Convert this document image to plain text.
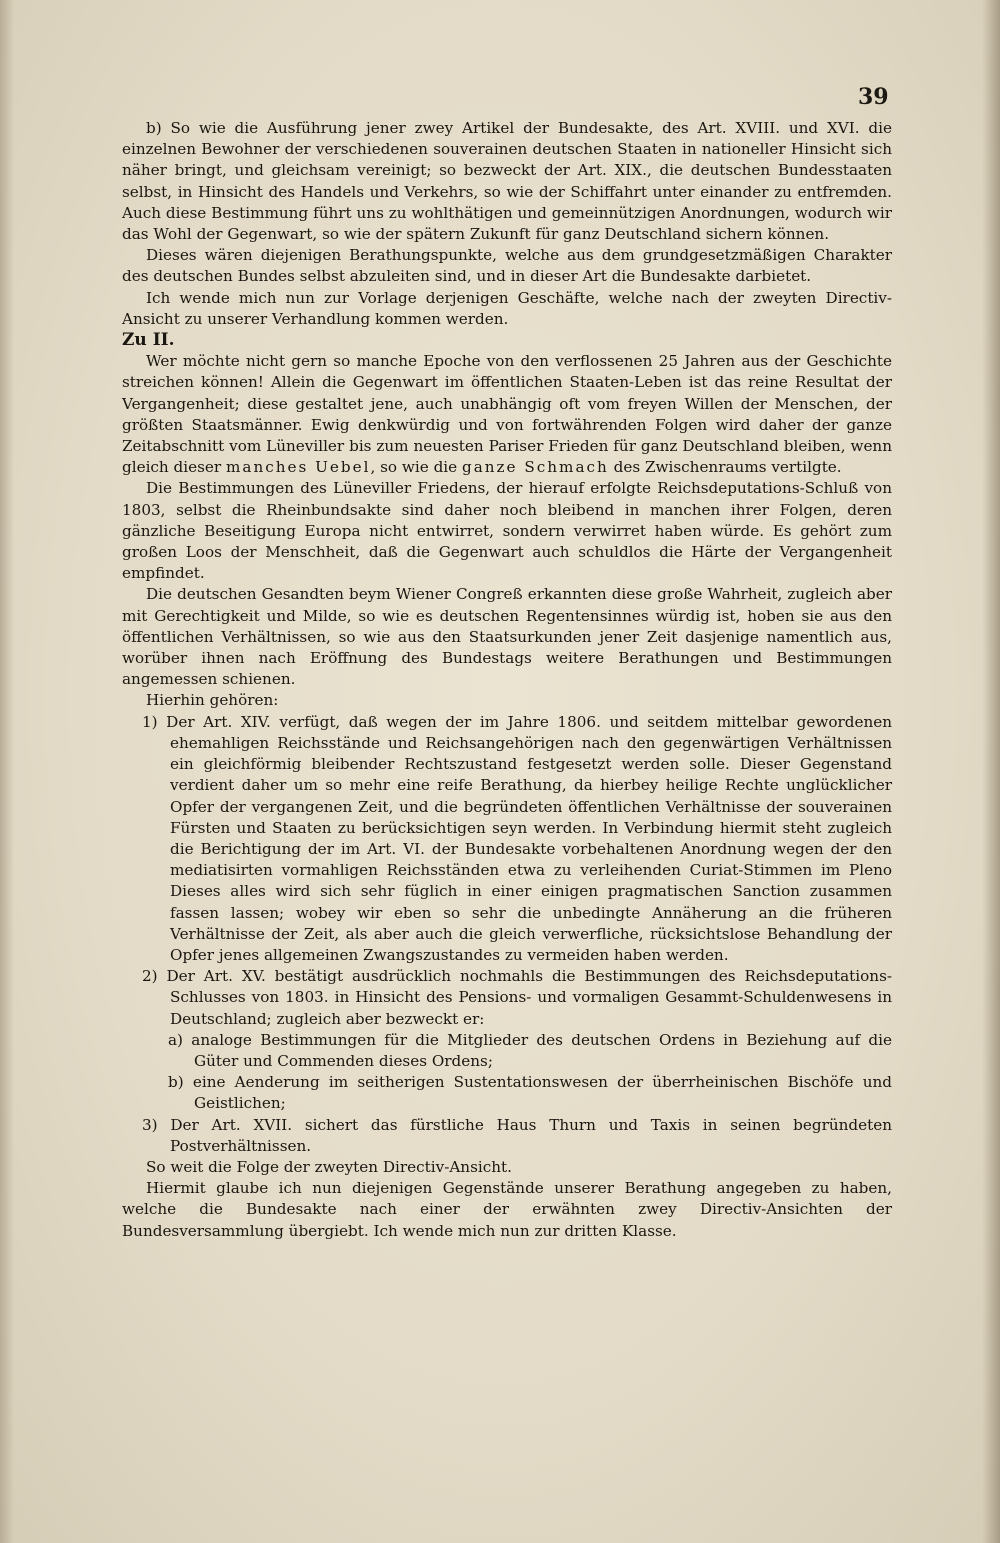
39

b) So wie die Ausführung jener zwey Artikel der Bundesakte, des Art. XVIII. und XVI. die einzelnen Bewohner der verschiedenen souverainen deutschen Staaten in nationeller Hinsicht sich näher bringt, und gleichsam vereinigt; so bezweckt der Art. XIX., die deutschen Bundesstaaten selbst, in Hinsicht des Handels und Verkehrs, so wie der Schiffahrt unter einander zu entfremden. Auch diese Bestimmung führt uns zu wohlthätigen und gemeinnützigen Anordnungen, wodurch wir das Wohl der Gegenwart, so wie der spätern Zukunft für ganz Deutschland sichern können.

Dieses wären diejenigen Berathungspunkte, welche aus dem grundgesetzmäßigen Charakter des deutschen Bundes selbst abzuleiten sind, und in dieser Art die Bundesakte darbietet.

Ich wende mich nun zur Vorlage derjenigen Geschäfte, welche nach der zweyten Directiv-Ansicht zu unserer Verhandlung kommen werden.

Zu II.

Wer möchte nicht gern so manche Epoche von den verflossenen 25 Jahren aus der Geschichte streichen können! Allein die Gegenwart im öffentlichen Staaten-Leben ist das reine Resultat der Vergangenheit; diese gestaltet jene, auch unabhängig oft vom freyen Willen der Menschen, der größten Staatsmänner. Ewig denkwürdig und von fortwährenden Folgen wird daher der ganze Zeitabschnitt vom Lüneviller bis zum neuesten Pariser Frieden für ganz Deutschland bleiben, wenn gleich dieser manches Uebel, so wie die ganze Schmach des Zwischenraums vertilgte.

Die Bestimmungen des Lüneviller Friedens, der hierauf erfolgte Reichsdeputations-Schluß von 1803, selbst die Rheinbundsakte sind daher noch bleibend in manchen ihrer Folgen, deren gänzliche Beseitigung Europa nicht entwirret, sondern verwirret haben würde. Es gehört zum großen Loos der Menschheit, daß die Gegenwart auch schuldlos die Härte der Vergangenheit empfindet.

Die deutschen Gesandten beym Wiener Congreß erkannten diese große Wahrheit, zugleich aber mit Gerechtigkeit und Milde, so wie es deutschen Regentensinnes würdig ist, hoben sie aus den öffentlichen Verhältnissen, so wie aus den Staatsurkunden jener Zeit dasjenige namentlich aus, worüber ihnen nach Eröffnung des Bundestags weitere Berathungen und Bestimmungen angemessen schienen.

Hierhin gehören:

1) Der Art. XIV. verfügt, daß wegen der im Jahre 1806. und seitdem mittelbar gewordenen ehemahligen Reichsstände und Reichsangehörigen nach den gegenwärtigen Verhältnissen ein gleichförmig bleibender Rechtszustand festgesetzt werden solle. Dieser Gegenstand verdient daher um so mehr eine reife Berathung, da hierbey heilige Rechte unglücklicher Opfer der vergangenen Zeit, und die begründeten öffentlichen Verhältnisse der souverainen Fürsten und Staaten zu berücksichtigen seyn werden. In Verbindung hiermit steht zugleich die Berichtigung der im Art. VI. der Bundesakte vorbehaltenen Anordnung wegen der den mediatisirten vormahligen Reichsständen etwa zu verleihenden Curiat-Stimmen im Pleno Dieses alles wird sich sehr füglich in einer einigen pragmatischen Sanction zusammen fassen lassen; wobey wir eben so sehr die unbedingte Annäherung an die früheren Verhältnisse der Zeit, als aber auch die gleich verwerfliche, rücksichtslose Behandlung der Opfer jenes allgemeinen Zwangszustandes zu vermeiden haben werden.

2) Der Art. XV. bestätigt ausdrücklich nochmahls die Bestimmungen des Reichsdeputations-Schlusses von 1803. in Hinsicht des Pensions- und vormaligen Gesammt-Schuldenwesens in Deutschland; zugleich aber bezweckt er:

a) analoge Bestimmungen für die Mitglieder des deutschen Ordens in Beziehung auf die Güter und Commenden dieses Ordens;

b) eine Aenderung im seitherigen Sustentationswesen der überrheinischen Bischöfe und Geistlichen;

3) Der Art. XVII. sichert das fürstliche Haus Thurn und Taxis in seinen begründeten Postverhältnissen.

So weit die Folge der zweyten Directiv-Ansicht.

Hiermit glaube ich nun diejenigen Gegenstände unserer Berathung angegeben zu haben, welche die Bundesakte nach einer der erwähnten zwey Directiv-Ansichten der Bundesversammlung übergiebt. Ich wende mich nun zur dritten Klasse.
